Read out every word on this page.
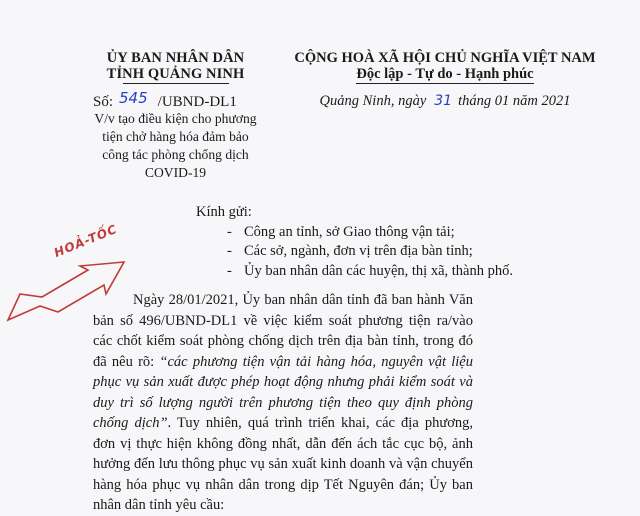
ỦY BAN NHÂN DÂN
TỈNH QUẢNG NINH
Số: 545 /UBND-DL1
V/v tạo điều kiện cho phương
tiện chở hàng hóa đảm bảo
công tác phòng chống dịch
COVID-19
CỘNG HOÀ XÃ HỘI CHỦ NGHĨA VIỆT NAM
Độc lập - Tự do - Hạnh phúc
Quảng Ninh, ngày 31 tháng 01 năm 2021
HOẢ-TỐC
Kính gửi:
- Công an tỉnh, sở Giao thông vận tải;
- Các sở, ngành, đơn vị trên địa bàn tỉnh;
- Ủy ban nhân dân các huyện, thị xã, thành phố.
Ngày 28/01/2021, Ủy ban nhân dân tỉnh đã ban hành Văn bản số 496/UBND-DL1 về việc kiểm soát phương tiện ra/vào các chốt kiểm soát phòng chống dịch trên địa bàn tỉnh, trong đó đã nêu rõ: “các phương tiện vận tải hàng hóa, nguyên vật liệu phục vụ sản xuất được phép hoạt động nhưng phải kiểm soát và duy trì số lượng người trên phương tiện theo quy định phòng chống dịch”. Tuy nhiên, quá trình triển khai, các địa phương, đơn vị thực hiện không đồng nhất, dẫn đến ách tắc cục bộ, ảnh hưởng đến lưu thông phục vụ sản xuất kinh doanh và vận chuyển hàng hóa phục vụ nhân dân trong dịp Tết Nguyên đán; Ủy ban nhân dân tỉnh yêu cầu:
